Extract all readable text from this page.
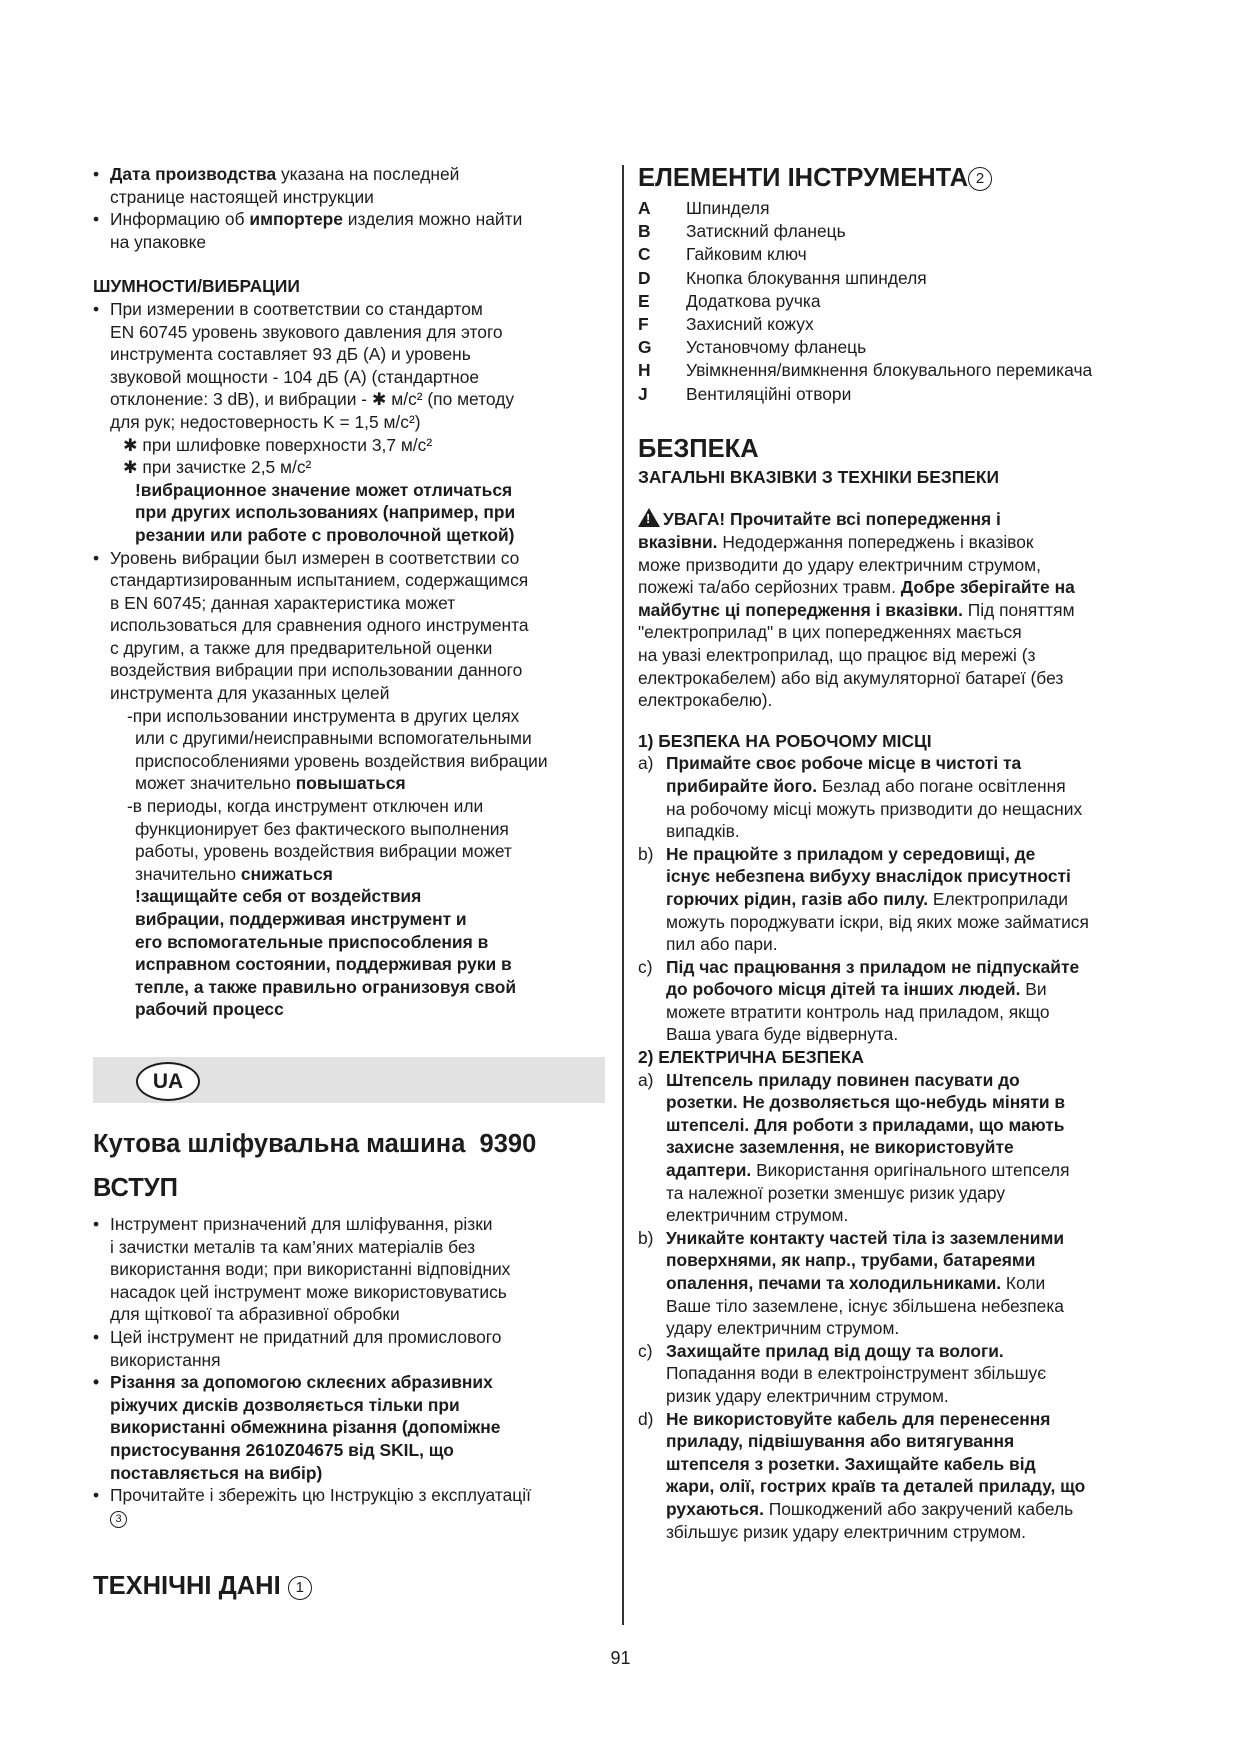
• Дата производства указана на последней
странице настоящей инструкции
• Информацию об импортере изделия можно найти
на упаковке
ШУМНОСТИ/ВИБРАЦИИ
• При измерении в соответствии со стандартом
EN 60745 уровень звукового давления для этого
инструмента составляет 93 дБ (A) и уровень
звуковой мощности - 104 дБ (A) (стандартное
отклонение: 3 dB), и вибрации - ✱ м/с² (по методу
для рук; недостоверность K = 1,5 м/с²)
✱ при шлифовке поверхности 3,7 м/с²
✱ при зачистке 2,5 м/с²
!вибрационное значение может отличаться
при других использованиях (например, при
резании или работе с проволочной щеткой)
• Уровень вибрации был измерен в соответствии со
стандартизированным испытанием, содержащимся
в EN 60745; данная характеристика может
использоваться для сравнения одного инструмента
с другим, а также для предварительной оценки
воздействия вибрации при использовании данного
инструмента для указанных целей
-при использовании инструмента в других целях
или с другими/неисправными вспомогательными
приспособлениями уровень воздействия вибрации
может значительно повышаться
-в периоды, когда инструмент отключен или
функционирует без фактического выполнения
работы, уровень воздействия вибрации может
значительно снижаться
!защищайте себя от воздействия
вибрации, поддерживая инструмент и
его вспомогательные приспособления в
исправном состоянии, поддерживая руки в
тепле, а также правильно огранизовуя свой
рабочий процесс
UA
Кутова шліфувальна машина  9390
ВСТУП
• Інструмент призначений для шліфування, різки
і зачистки металів та кам’яних матеріалів без
використання води; при використанні відповідних
насадок цей інструмент може використовуватись
для щіткової та абразивної обробки
• Цей інструмент не придатний для промислового
використання
• Різання за допомогою склеєних абразивних
ріжучих дисків дозволяється тільки при
використанні обмежнина різання (допоміжне
пристосування 2610Z04675 від SKIL, що
поставляється на вибір)
• Прочитайте і збережіть цю Інструкцію з експлуатації
3
ТЕХНІЧНІ ДАНІ 1
ЕЛЕМЕНТИ ІНСТРУМЕНТА 2
A	Шпинделя
B	Затискний фланець
C	Гайковим ключ
D	Кнопка блокування шпинделя
E	Додаткова ручка
F	Захисний кожух
G	Установчому фланець
H	Увімкнення/вимкнення блокувального перемикача
J	Вентиляційні отвори
БЕЗПЕКА
ЗАГАЛЬНІ ВКАЗІВКИ З ТЕХНІКИ БЕЗПЕКИ
! УВАГА! Прочитайте всі попередження і
вказівни. Недодержання попереджень і вказівок
може призводити до удару електричним струмом,
пожежі та/або серйозних травм. Добре зберігайте на
майбутнє ці попередження і вказівки. Під поняттям
"електроприлад" в цих попередженнях мається
на увазі електроприлад, що працює від мережі (з
електрокабелем) або від акумуляторної батареї (без
електрокабелю).
1) БЕЗПЕКА НА РОБОЧОМУ МІСЦІ
a) Примайте своє робоче місце в чистоті та
прибирайте його. Безлад або погане освітлення
на робочому місці можуть призводити до нещасних
випадків.
b) Не працюйте з приладом у середовищі, де
існує небезпена вибуху внаслідок присутності
горючих рідин, газів або пилу. Електроприлади
можуть породжувати іскри, від яких може займатися
пил або пари.
c) Під час працювання з приладом не підпускайте
до робочого місця дітей та інших людей. Ви
можете втратити контроль над приладом, якщо
Ваша увага буде відвернута.
2) ЕЛЕКТРИЧНА БЕЗПЕКА
a) Штепсель приладу повинен пасувати до
розетки. Не дозволяється що-небудь міняти в
штепселі. Для роботи з приладами, що мають
захисне заземлення, не використовуйте
адаптери. Використання оригінального штепселя
та належної розетки зменшує ризик удару
електричним струмом.
b) Уникайте контакту частей тіла із заземленими
поверхнями, як напр., трубами, батареями
опалення, печами та холодильниками. Коли
Ваше тіло заземлене, існує збільшена небезпека
удару електричним струмом.
c) Захищайте прилад від дощу та вологи.
Попадання води в електроінструмент збільшує
ризик удару електричним струмом.
d) Не використовуйте кабель для перенесення
приладу, підвішування або витягування
штепселя з розетки. Захищайте кабель від
жари, олії, гострих країв та деталей приладу, що
рухаються. Пошкоджений або закручений кабель
збільшує ризик удару електричним струмом.
91
